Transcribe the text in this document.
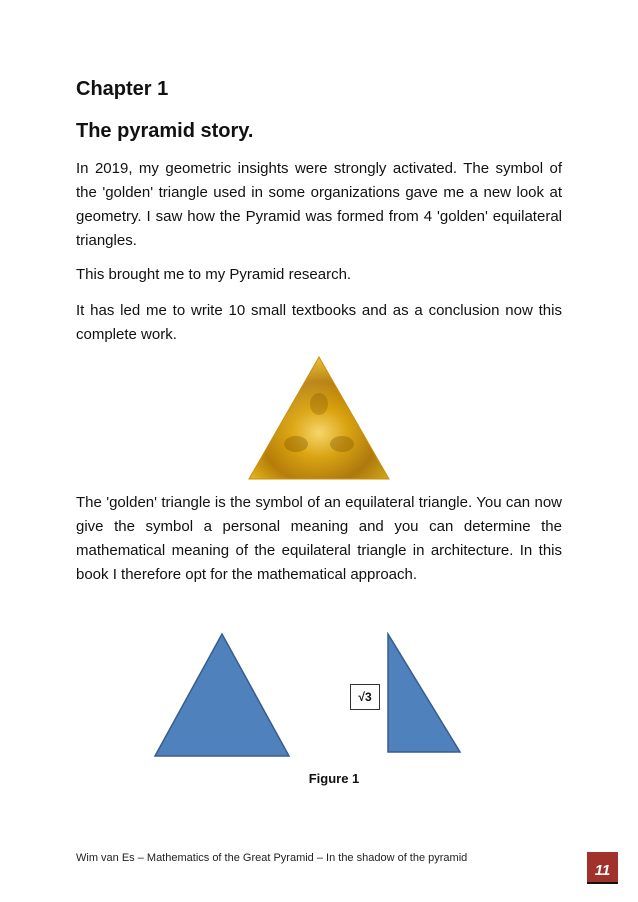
Chapter 1
The pyramid story.

In 2019, my geometric insights were strongly activated. The symbol of the 'golden' triangle used in some organizations gave me a new look at geometry. I saw how the Pyramid was formed from 4 'golden' equilateral triangles.

This brought me to my Pyramid research.

It has led me to write 10 small textbooks and as a conclusion now this complete work.

The 'golden' triangle is the symbol of an equilateral triangle. You can now give the symbol a personal meaning and you can determine the mathematical meaning of the equilateral triangle in architecture. In this book I therefore opt for the mathematical approach.

√3
Figure 1
Wim van Es – Mathematics of the Great Pyramid – In the shadow of the pyramid
11
